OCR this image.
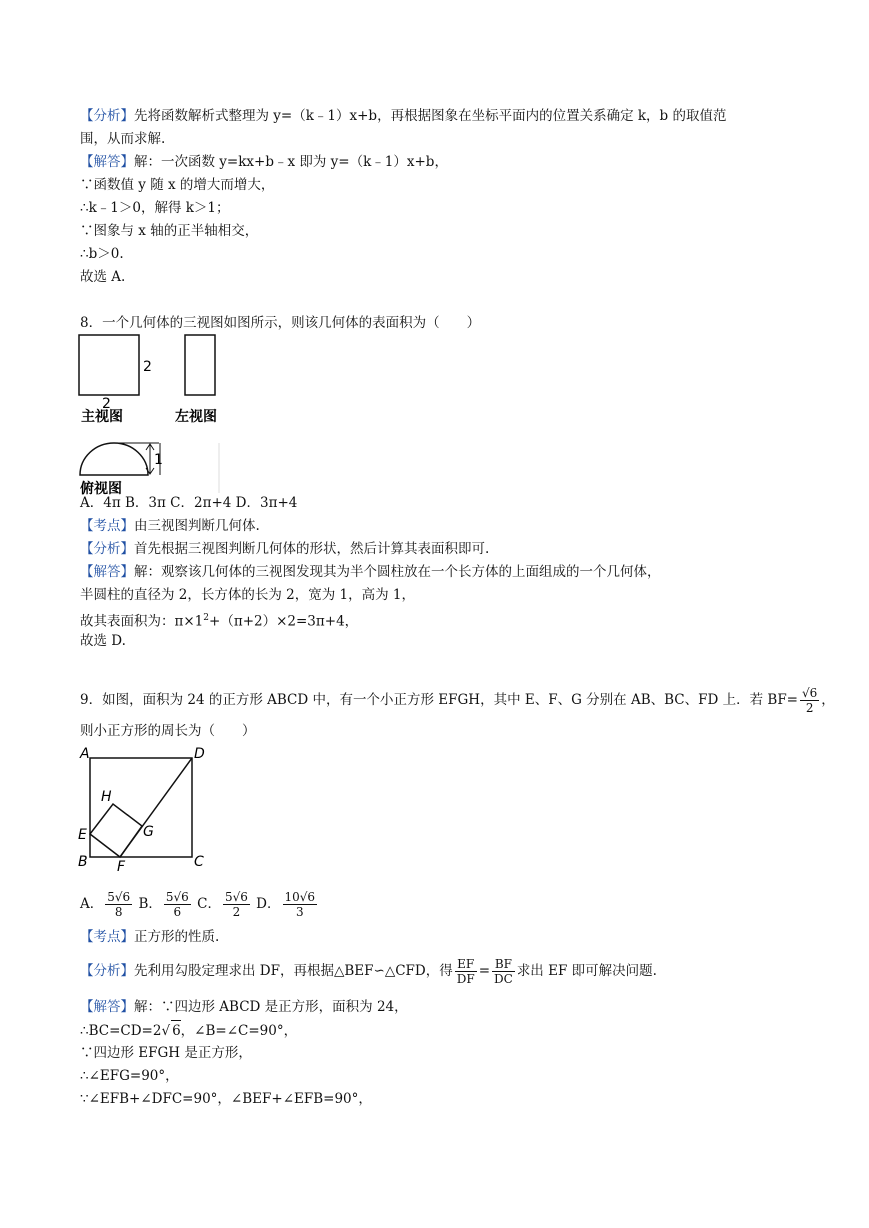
【分析】先将函数解析式整理为 y=（k﹣1）x+b，再根据图象在坐标平面内的位置关系确定 k，b 的取值范
围，从而求解.
【解答】解：一次函数 y=kx+b﹣x 即为 y=（k﹣1）x+b，
∵函数值 y 随 x 的增大而增大，
∴k﹣1＞0，解得 k＞1；
∵图象与 x 轴的正半轴相交，
∴b＞0.
故选 A.
8．一个几何体的三视图如图所示，则该几何体的表面积为（　　）
2
2
主视图	左视图
1
俯视图
A．4π B．3π C．2π+4 D．3π+4
【考点】由三视图判断几何体.
【分析】首先根据三视图判断几何体的形状，然后计算其表面积即可.
【解答】解：观察该几何体的三视图发现其为半个圆柱放在一个长方体的上面组成的一个几何体，
半圆柱的直径为 2，长方体的长为 2，宽为 1，高为 1，
故其表面积为：$\pi\times 1^2+(\pi+2)\times 2=3\pi+4$，
故选 D.
9．如图，面积为 24 的正方形 ABCD 中，有一个小正方形 EFGH，其中 E、F、G 分别在 AB、BC、FD 上．若 $BF= \frac{√6}{2}$ ，
则小正方形的周长为（　　）
A	D
H
E	G
B F	C
A． $\frac{5√6}{8}$ B． $\frac{5√6}{6}$ C． $\frac{5√6}{2}$ D． $\frac{10√6}{3}$
【考点】正方形的性质.
【分析】先利用勾股定理求出 DF，再根据△BEF∽△CFD，得 $\frac{EF}{DF} = \frac{BF}{DC}$ 求出 EF 即可解决问题.
【解答】解：∵四边形 ABCD 是正方形，面积为 24，
∴BC=CD=2√ 6，∠B=∠C=90°，
∵四边形 EFGH 是正方形，
∴∠EFG=90°，
∵∠EFB+∠DFC=90°，∠BEF+∠EFB=90°，
